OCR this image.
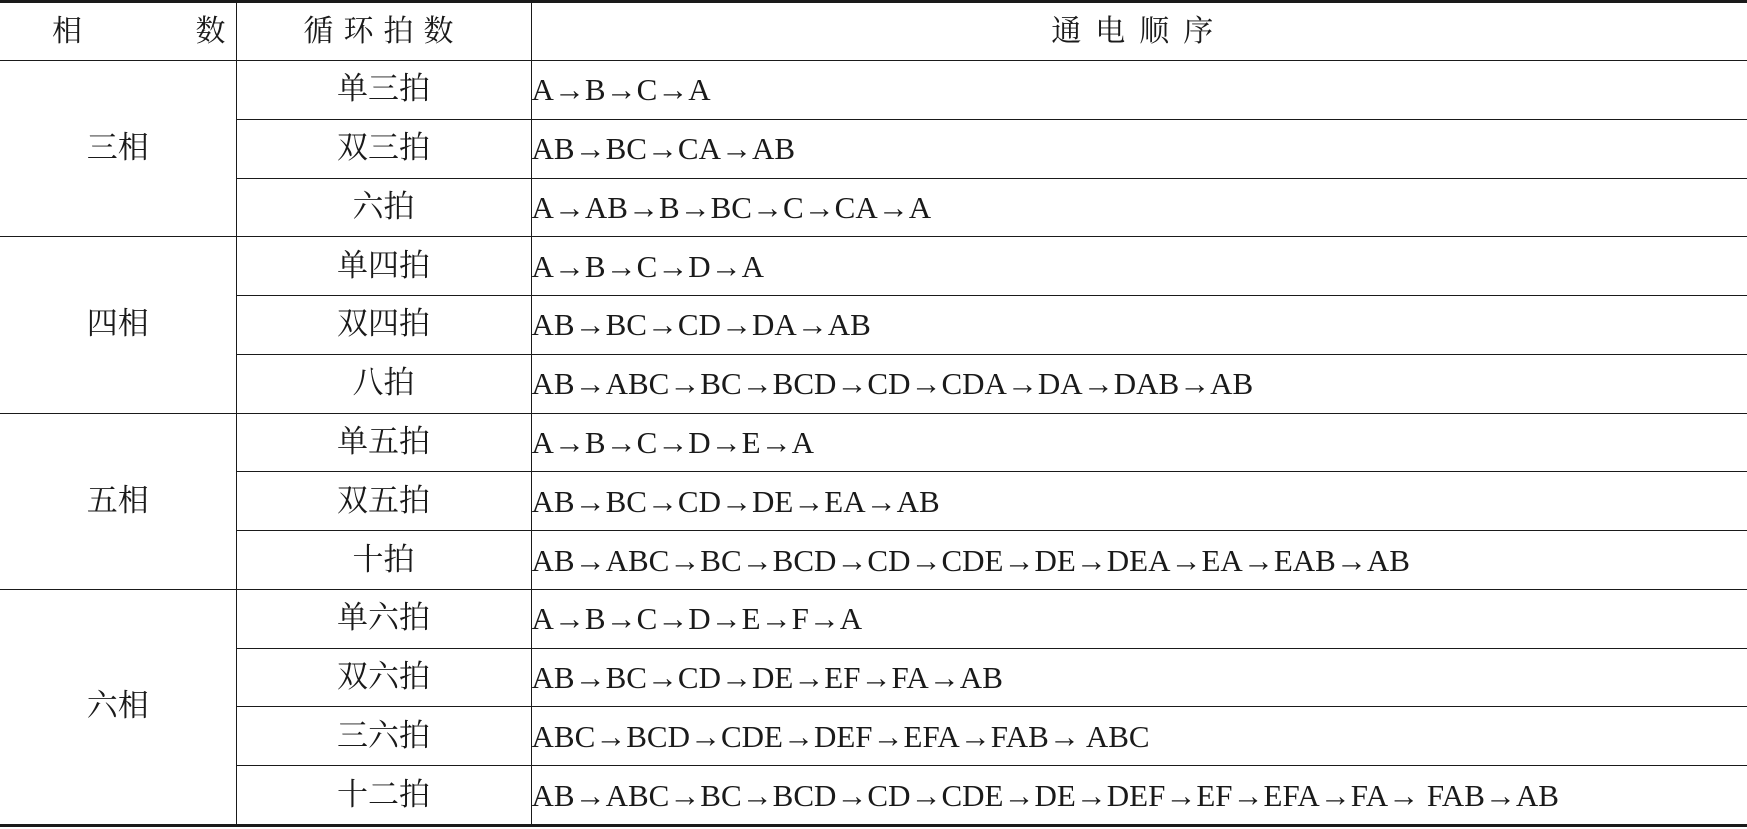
相 数	循环拍数	通电顺序
三相	单三拍	A→B→C→A
	双三拍	AB→BC→CA→AB
	六拍	A→AB→B→BC→C→CA→A
四相	单四拍	A→B→C→D→A
	双四拍	AB→BC→CD→DA→AB
	八拍	AB→ABC→BC→BCD→CD→CDA→DA→DAB→AB
五相	单五拍	A→B→C→D→E→A
	双五拍	AB→BC→CD→DE→EA→AB
	十拍	AB→ABC→BC→BCD→CD→CDE→DE→DEA→EA→EAB→AB
六相	单六拍	A→B→C→D→E→F→A
	双六拍	AB→BC→CD→DE→EF→FA→AB
	三六拍	ABC→BCD→CDE→DEF→EFA→FAB→ ABC
	十二拍	AB→ABC→BC→BCD→CD→CDE→DE→DEF→EF→EFA→FA→ FAB→AB
